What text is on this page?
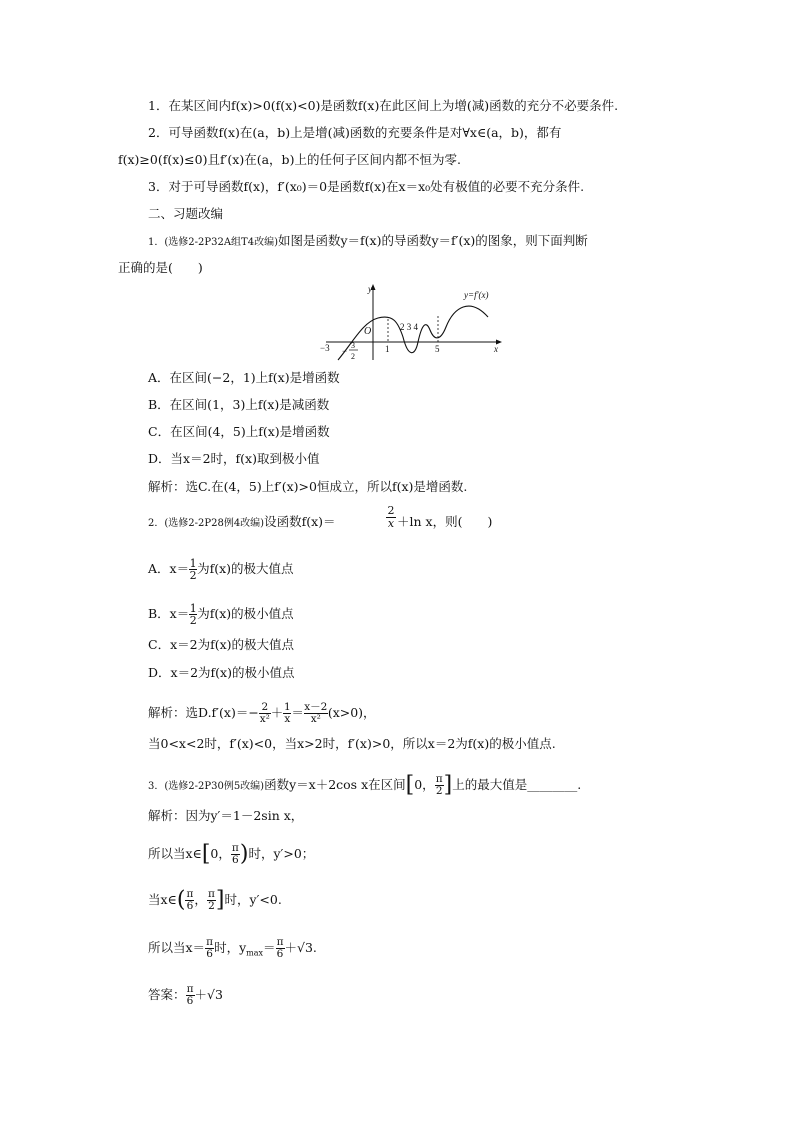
1．在某区间内f(x)>0(f(x)<0)是函数f(x)在此区间上为增(减)函数的充分不必要条件.
2．可导函数f(x)在(a，b)上是增(减)函数的充要条件是对∀x∈(a，b)，都有
f(x)≥0(f(x)≤0)且f′(x)在(a，b)上的任何子区间内都不恒为零.
3．对于可导函数f(x)，f′(x₀)＝0是函数f(x)在x＝x₀处有极值的必要不充分条件.
二、习题改编
1．(选修2-2P32A组T4改编)如图是函数y＝f(x)的导函数y＝f′(x)的图象，则下面判断
正确的是(　　)
y
x
O
−3 −
3
2
1
2 3 4
5
y=f′(x)
A．在区间(−2，1)上f(x)是增函数
B．在区间(1，3)上f(x)是减函数
C．在区间(4，5)上f(x)是增函数
D．当x＝2时，f(x)取到极小值
解析：选C.在(4，5)上f′(x)>0恒成立，所以f(x)是增函数.
2．(选修2-2P28例4改编)设函数f(x)＝	$\frac{2}{x} +\ln$ x，则(　　)
A．$x= \frac{1}{2}$ 为f(x)的极大值点
B．$x= \frac{1}{2}$ 为f(x)的极小值点
C．x＝2为f(x)的极大值点
D．x＝2为f(x)的极小值点
解析：选$D.f'(x)=- \frac{2}{\text{x²}} + \frac{1}{x} = \frac{x-2}{\text{x²}} (x>0)$，
当0<x<2时，f′(x)<0，当x>2时，f′(x)>0，所以x＝2为f(x)的极小值点.
3．(选修2-2P30例5改编)函数y＝x＋2cos x在区间[0， $\frac{\pi}{2}$ ]上的最大值是________.
解析：因为y′＝1－2sin x，
所以当x∈[0， $\frac{\pi}{6}$ )时，y′>0；
当x∈( $\frac{\pi}{6}$ ， $\frac{\pi}{2}$ ]时，y′<0.
所以当$x= \frac{\pi}{6}$ 时，$y_{max}= \frac{\pi}{6} +√3$.
答案： $\frac{\pi}{6} +√3$
